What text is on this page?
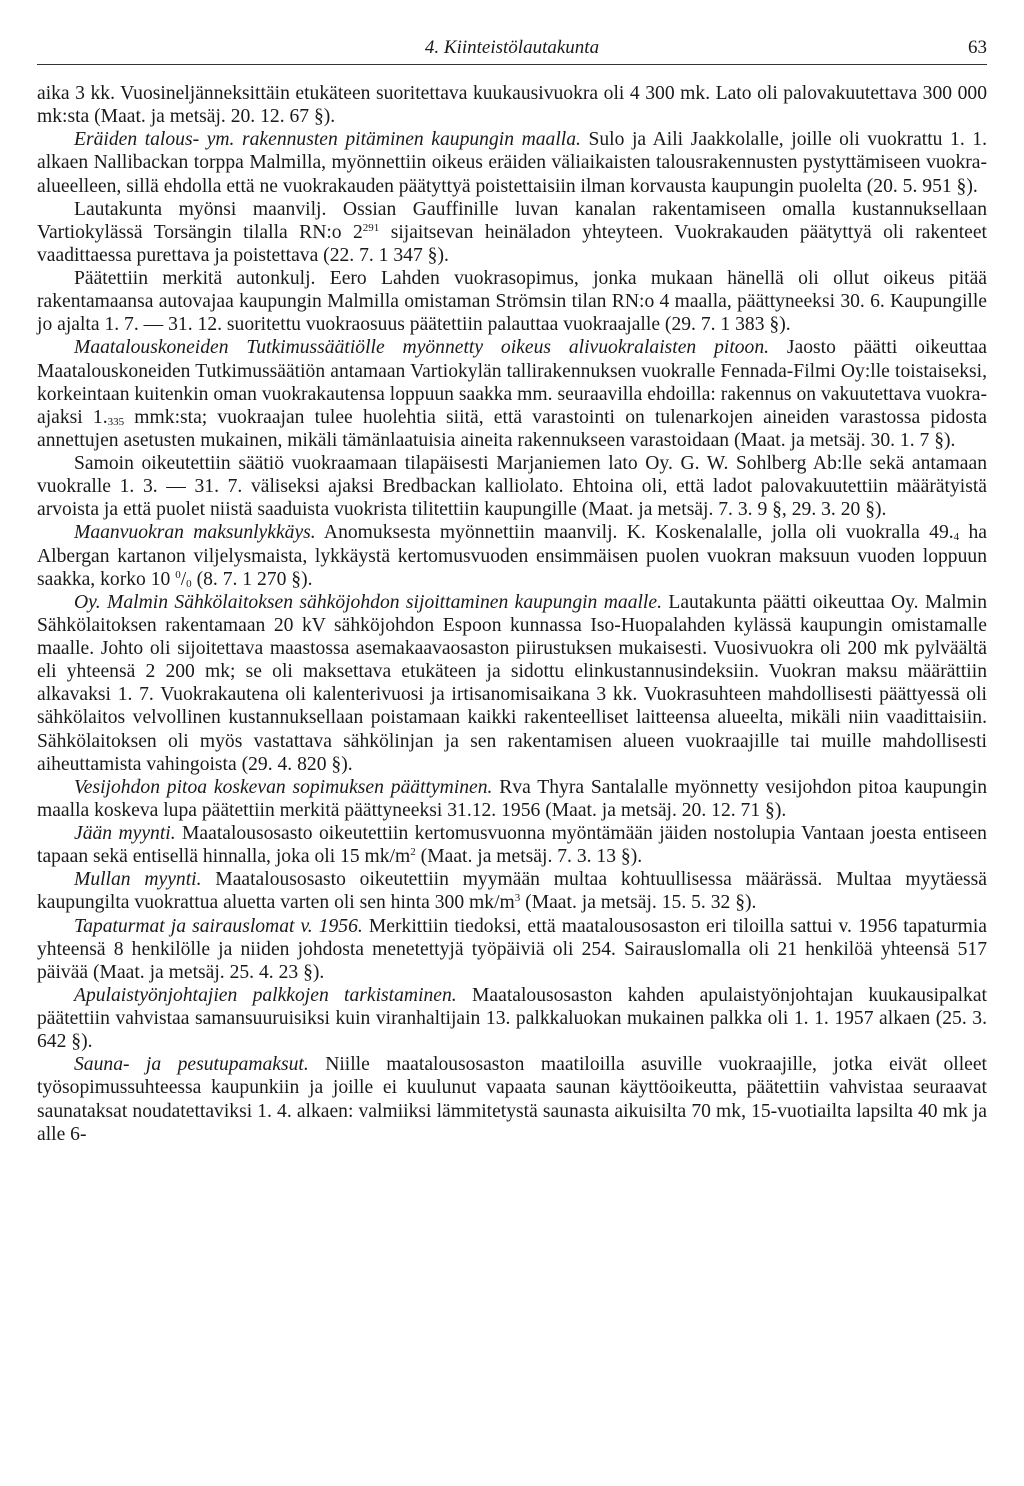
4. Kiinteistölautakunta	63

aika 3 kk. Vuosineljänneksittäin etukäteen suoritettava kuukausivuokra oli 4 300 mk. Lato oli palovakuutettava 300 000 mk:sta (Maat. ja metsäj. 20. 12. 67 §).

Eräiden talous- ym. rakennusten pitäminen kaupungin maalla. Sulo ja Aili Jaakkolalle, joille oli vuokrattu 1. 1. alkaen Nallibackan torppa Malmilla, myönnettiin oikeus eräiden väliaikaisten talousrakennusten pystyttämiseen vuokra-alueelleen, sillä ehdolla että ne vuokrakauden päätyttyä poistettaisiin ilman korvausta kaupungin puolelta (20. 5. 951 §).

Lautakunta myönsi maanvilj. Ossian Gauffinille luvan kanalan rakentamiseen omalla kustannuksellaan Vartiokylässä Torsängin tilalla RN:o $2^{291}$ sijaitsevan heinäladon yhteyteen. Vuokrakauden päätyttyä oli rakenteet vaadittaessa purettava ja poistettava (22. 7. 1 347 §).

Päätettiin merkitä autonkulj. Eero Lahden vuokrasopimus, jonka mukaan hänellä oli ollut oikeus pitää rakentamaansa autovajaa kaupungin Malmilla omistaman Strömsin tilan RN:o 4 maalla, päättyneeksi 30. 6. Kaupungille jo ajalta 1. 7. — 31. 12. suoritettu vuokraosuus päätettiin palauttaa vuokraajalle (29. 7. 1 383 §).

Maatalouskoneiden Tutkimussäätiölle myönnetty oikeus alivuokralaisten pitoon. Jaosto päätti oikeuttaa Maatalouskoneiden Tutkimussäätiön antamaan Vartiokylän tallirakennuksen vuokralle Fennada-Filmi Oy:lle toistaiseksi, korkeintaan kuitenkin oman vuokrakautensa loppuun saakka mm. seuraavilla ehdoilla: rakennus on vakuutettava vuokra-ajaksi $1._{335}$ mmk:sta; vuokraajan tulee huolehtia siitä, että varastointi on tulenarkojen aineiden varastossa pidosta annettujen asetusten mukainen, mikäli tämänlaatuisia aineita rakennukseen varastoidaan (Maat. ja metsäj. 30. 1. 7 §).

Samoin oikeutettiin säätiö vuokraamaan tilapäisesti Marjaniemen lato Oy. G. W. Sohlberg Ab:lle sekä antamaan vuokralle 1. 3. — 31. 7. väliseksi ajaksi Bredbackan kalliolato. Ehtoina oli, että ladot palovakuutettiin määrätyistä arvoista ja että puolet niistä saaduista vuokrista tilitettiin kaupungille (Maat. ja metsäj. 7. 3. 9 §, 29. 3. 20 §).

Maanvuokran maksunlykkäys. Anomuksesta myönnettiin maanvilj. K. Koskenalalle, jolla oli vuokralla $49._4$ ha Albergan kartanon viljelysmaista, lykkäystä kertomusvuoden ensimmäisen puolen vuokran maksuun vuoden loppuun saakka, korko 10 $^0/_0$ (8. 7. 1 270 §).

Oy. Malmin Sähkölaitoksen sähköjohdon sijoittaminen kaupungin maalle. Lautakunta päätti oikeuttaa Oy. Malmin Sähkölaitoksen rakentamaan 20 kV sähköjohdon Espoon kunnassa Iso-Huopalahden kylässä kaupungin omistamalle maalle. Johto oli sijoitettava maastossa asemakaavaosaston piirustuksen mukaisesti. Vuosivuokra oli 200 mk pylväältä eli yhteensä 2 200 mk; se oli maksettava etukäteen ja sidottu elinkustannusindeksiin. Vuokran maksu määrättiin alkavaksi 1. 7. Vuokrakautena oli kalenterivuosi ja irtisanomisaikana 3 kk. Vuokrasuhteen mahdollisesti päättyessä oli sähkölaitos velvollinen kustannuksellaan poistamaan kaikki rakenteelliset laitteensa alueelta, mikäli niin vaadittaisiin. Sähkölaitoksen oli myös vastattava sähkölinjan ja sen rakentamisen alueen vuokraajille tai muille mahdollisesti aiheuttamista vahingoista (29. 4. 820 §).

Vesijohdon pitoa koskevan sopimuksen päättyminen. Rva Thyra Santalalle myönnetty vesijohdon pitoa kaupungin maalla koskeva lupa päätettiin merkitä päättyneeksi 31.12. 1956 (Maat. ja metsäj. 20. 12. 71 §).

Jään myynti. Maatalousosasto oikeutettiin kertomusvuonna myöntämään jäiden nostolupia Vantaan joesta entiseen tapaan sekä entisellä hinnalla, joka oli 15 $mk/m^2$ (Maat. ja metsäj. 7. 3. 13 §).

Mullan myynti. Maatalousosasto oikeutettiin myymään multaa kohtuullisessa määrässä. Multaa myytäessä kaupungilta vuokrattua aluetta varten oli sen hinta 300 $mk/m^3$ (Maat. ja metsäj. 15. 5. 32 §).

Tapaturmat ja sairauslomat v. 1956. Merkittiin tiedoksi, että maatalousosaston eri tiloilla sattui v. 1956 tapaturmia yhteensä 8 henkilölle ja niiden johdosta menetettyjä työpäiviä oli 254. Sairauslomalla oli 21 henkilöä yhteensä 517 päivää (Maat. ja metsäj. 25. 4. 23 §).

Apulaistyönjohtajien palkkojen tarkistaminen. Maatalousosaston kahden apulaistyönjohtajan kuukausipalkat päätettiin vahvistaa samansuuruisiksi kuin viranhaltijain 13. palkkaluokan mukainen palkka oli 1. 1. 1957 alkaen (25. 3. 642 §).

Sauna- ja pesutupamaksut. Niille maatalousosaston maatiloilla asuville vuokraajille, jotka eivät olleet työsopimussuhteessa kaupunkiin ja joille ei kuulunut vapaata saunan käyttöoikeutta, päätettiin vahvistaa seuraavat saunataksat noudatettaviksi 1. 4. alkaen: valmiiksi lämmitetystä saunasta aikuisilta 70 mk, 15-vuotiailta lapsilta 40 mk ja alle 6-
